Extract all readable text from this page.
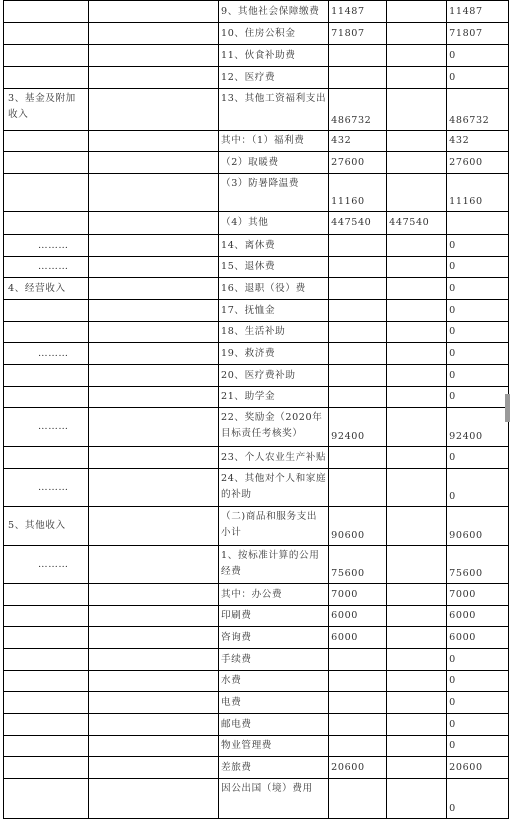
		9、其他社会保障缴费	11487		11487
		10、住房公积金	71807		71807
		11、伙食补助费			0
		12、医疗费			0
3、基金及附加收入		13、其他工资福利支出	486732		486732
		其中：（1）福利费	432		432
		（2）取暖费	27600		27600
		（3）防暑降温费	11160		11160
		（4）其他	447540	447540	
………		14、离休费			0
………		15、退休费			0
4、经营收入		16、退职（役）费			0
		17、抚恤金			0
		18、生活补助			0
………		19、救济费			0
		20、医疗费补助			0
		21、助学金			0
………		22、奖励金（2020年目标责任考核奖）	92400		92400
		23、个人农业生产补贴			0
………		24、其他对个人和家庭的补助			0
5、其他收入		（二)商品和服务支出小计	90600		90600
………		1、按标准计算的公用经费	75600		75600
		其中：办公费	7000		7000
		印刷费	6000		6000
		咨询费	6000		6000
		手续费			0
		水费			0
		电费			0
		邮电费			0
		物业管理费			0
		差旅费	20600		20600
		因公出国（境）费用			0
